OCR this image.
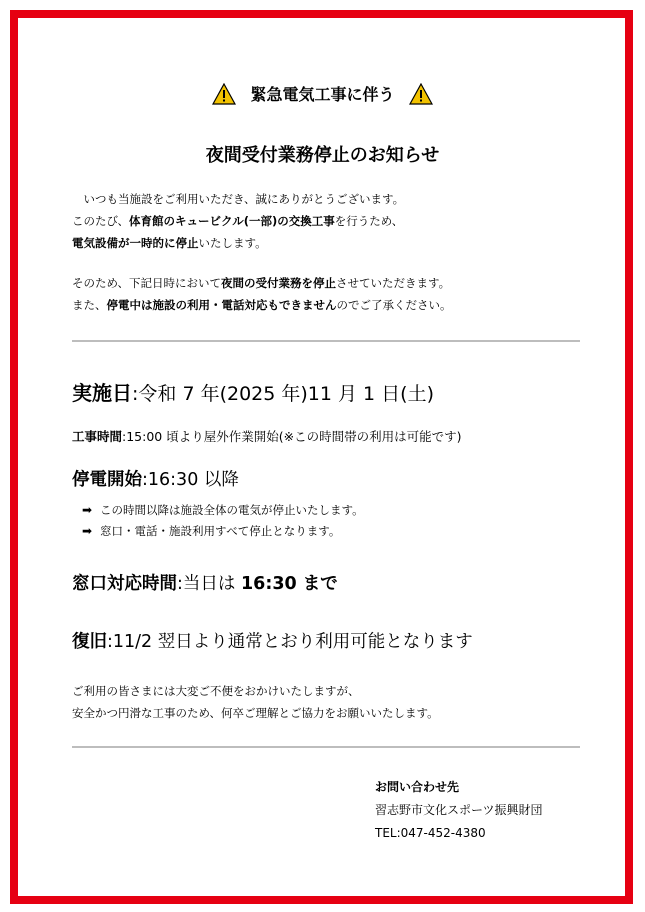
緊急電気工事に伴う
夜間受付業務停止のお知らせ
　いつも当施設をご利用いただき、誠にありがとうございます。
このたび、体育館のキュービクル(一部)の交換工事を行うため、
電気設備が一時的に停止いたします。
そのため、下記日時において夜間の受付業務を停止させていただきます。
また、停電中は施設の利用・電話対応もできませんのでご了承ください。
実施日:令和 7 年(2025 年)11 月 1 日(土)
工事時間:15:00 頃より屋外作業開始(※この時間帯の利用は可能です)
停電開始:16:30 以降
➡ この時間以降は施設全体の電気が停止いたします。
➡ 窓口・電話・施設利用すべて停止となります。
窓口対応時間:当日は 16:30 まで
復旧:11/2 翌日より通常とおり利用可能となります
ご利用の皆さまには大変ご不便をおかけいたしますが、
安全かつ円滑な工事のため、何卒ご理解とご協力をお願いいたします。
お問い合わせ先
習志野市文化スポーツ振興財団
TEL:047-452-4380
